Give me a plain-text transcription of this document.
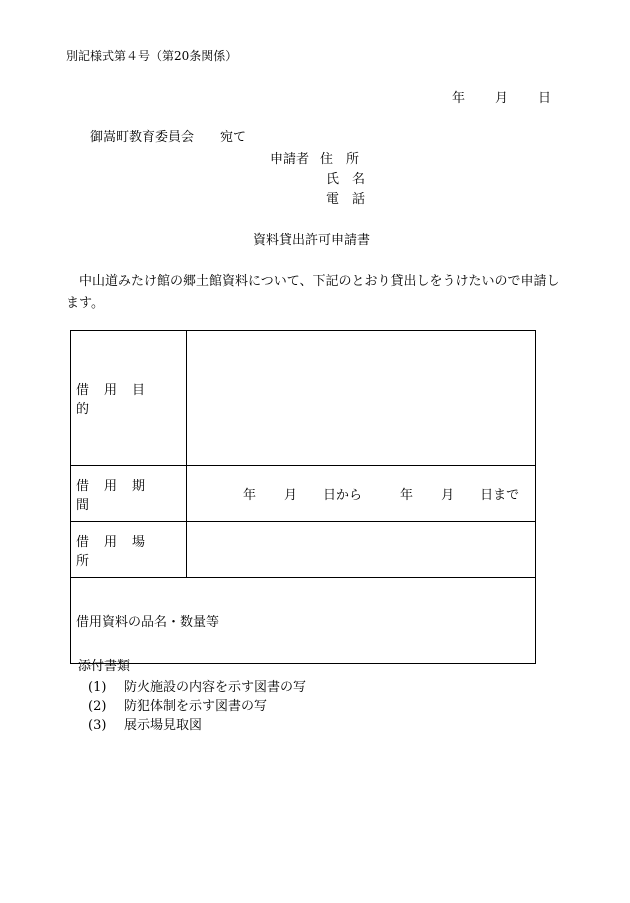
別記様式第４号（第20条関係）
年 月 日
御嵩町教育委員会 宛て
申請者 住　所
氏　名
電　話
資料貸出許可申請書
中山道みたけ館の郷土館資料について、下記のとおり貸出しをうけたいので申請します。
借用目的	
借用期間	年 月 日から 年 月 日まで
借用場所	
借用資料の品名・数量等	
添付書類
(1) 防火施設の内容を示す図書の写
(2) 防犯体制を示す図書の写
(3) 展示場見取図
